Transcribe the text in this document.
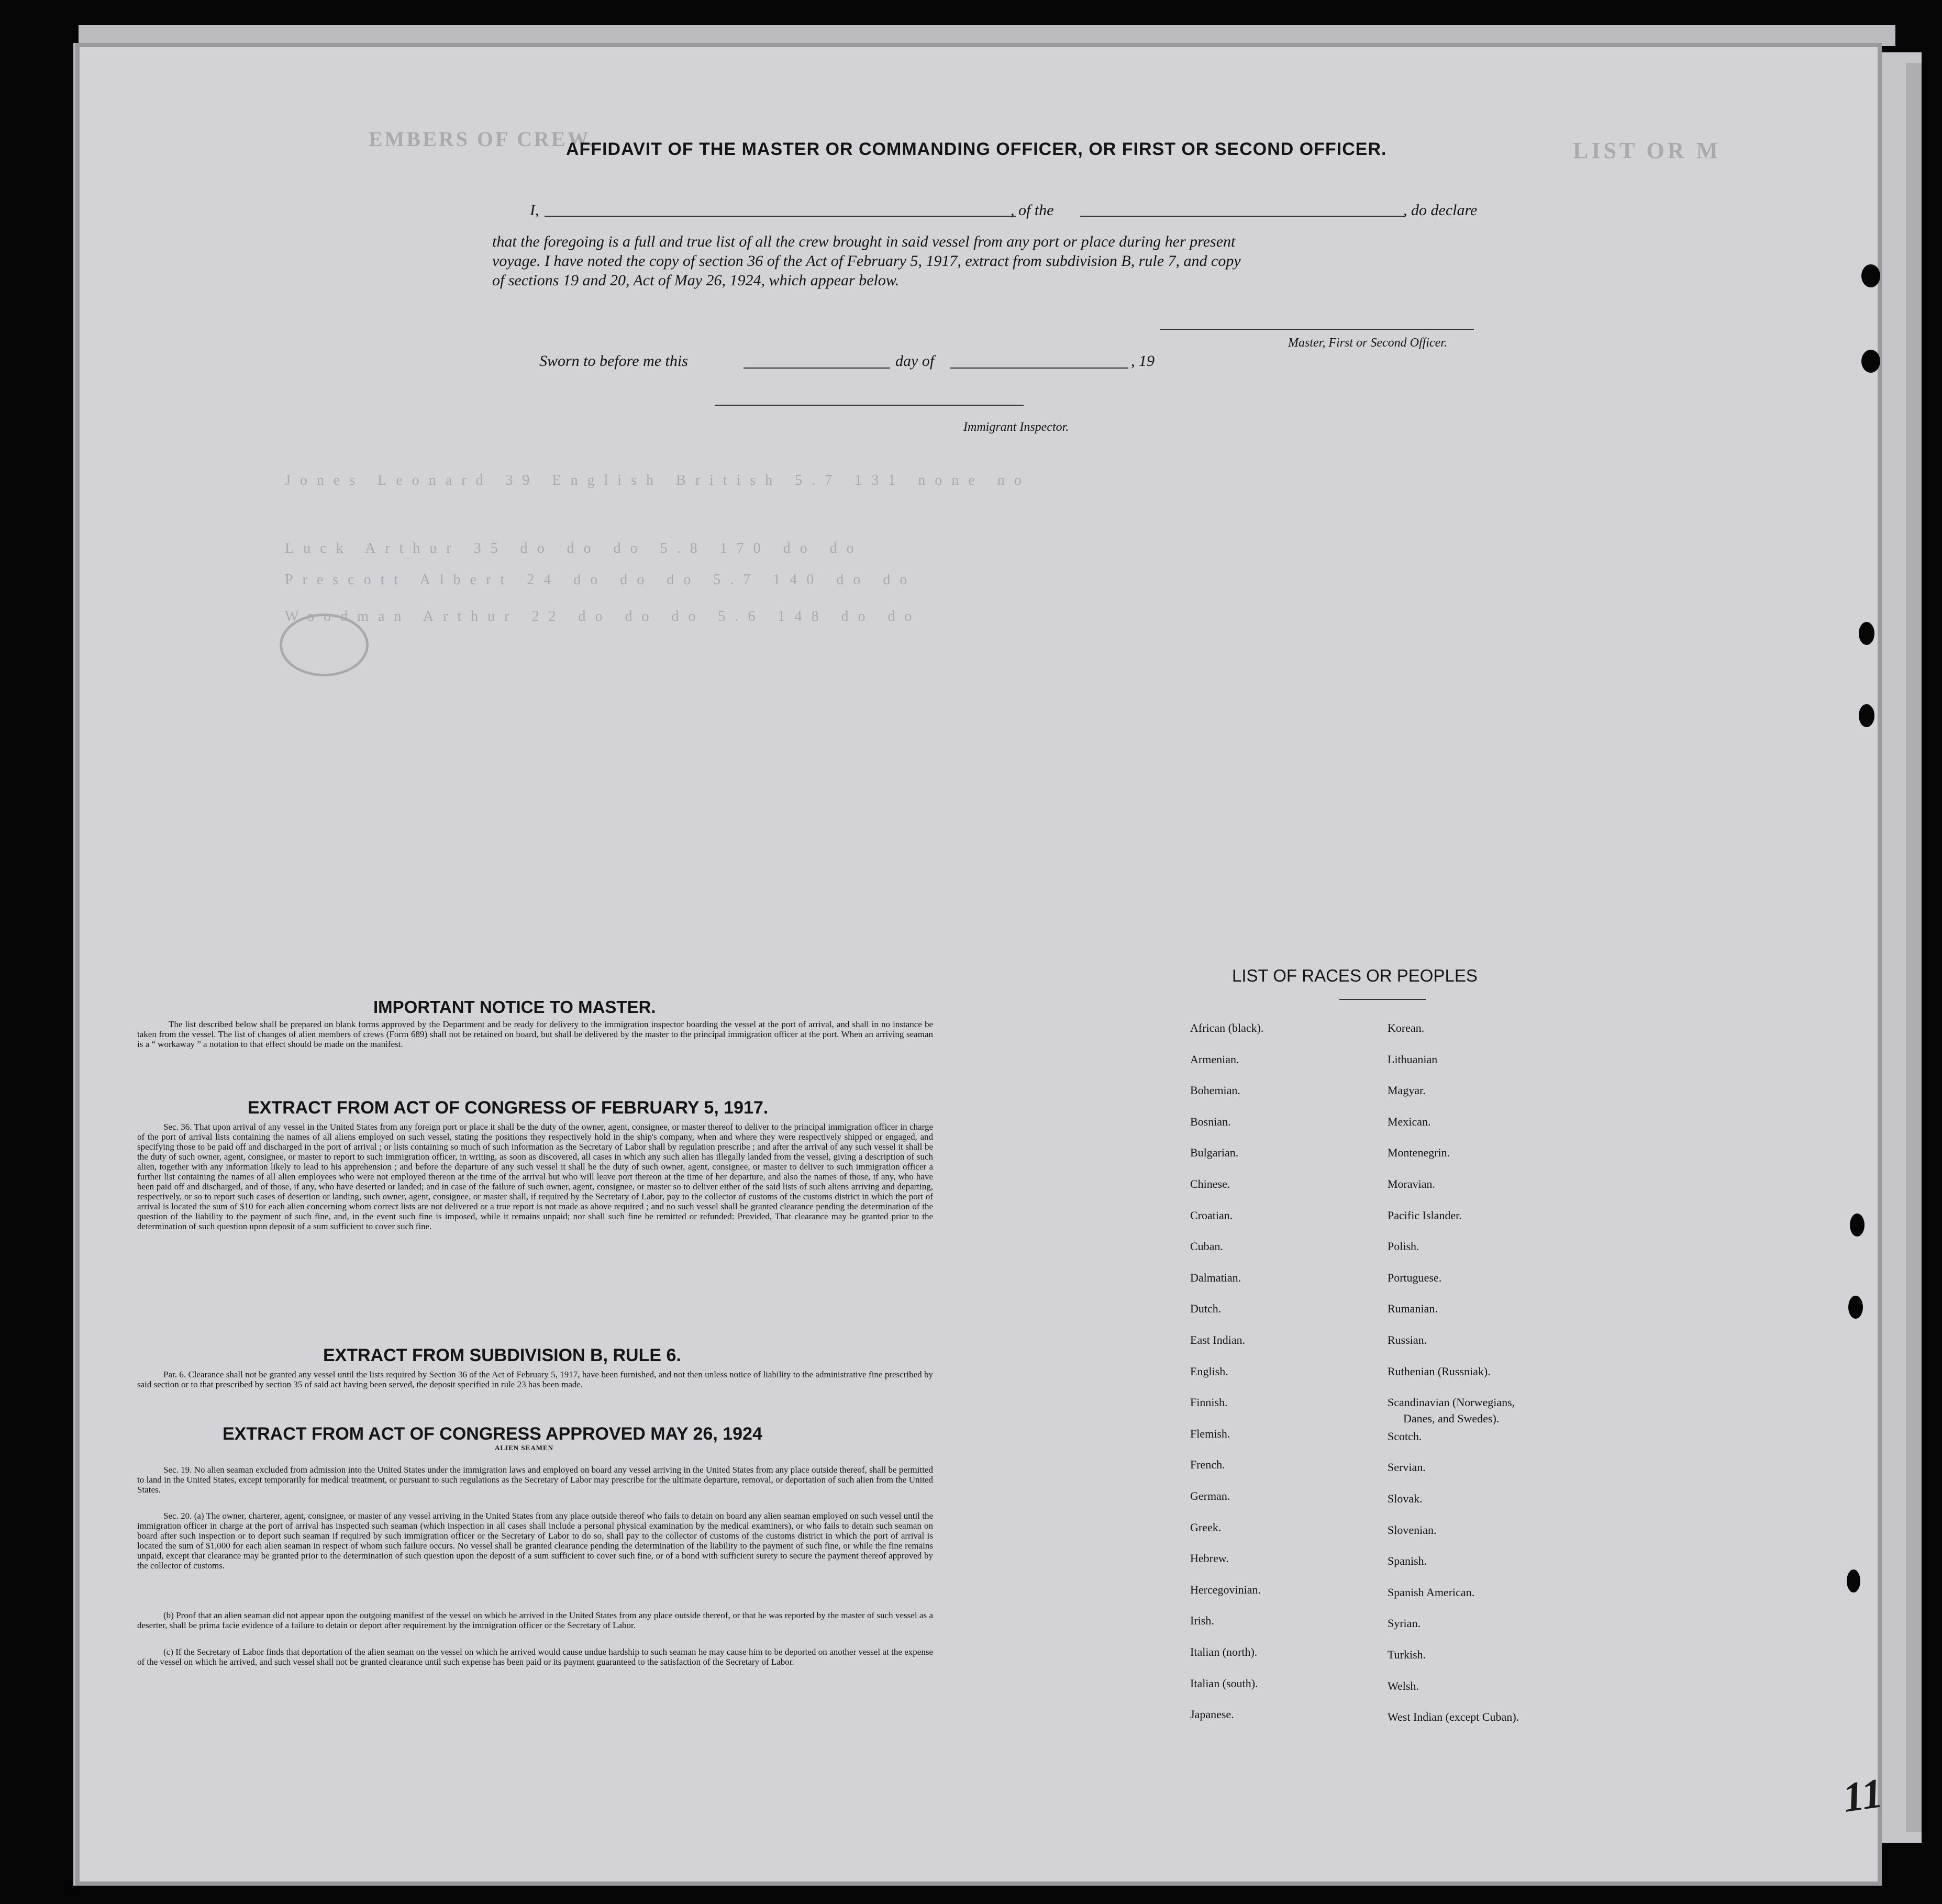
LIST OR M
EMBERS OF CREW.
Jones Leonard 39 English British 5.7 131 none no
Luck Arthur 35 do do do 5.8 170 do do
Prescott Albert 24 do do do 5.7 140 do do
Woodman Arthur 22 do do do 5.6 148 do do
AFFIDAVIT OF THE MASTER OR COMMANDING OFFICER, OR FIRST OR SECOND OFFICER.
I,	, of the	, do declare
that the foregoing is a full and true list of all the crew brought in said vessel from any port or place during her present
voyage. I have noted the copy of section 36 of the Act of February 5, 1917, extract from subdivision B, rule 7, and copy
of sections 19 and 20, Act of May 26, 1924, which appear below.
Master, First or Second Officer.
Sworn to before me this	day of	, 19
Immigrant Inspector.
IMPORTANT NOTICE TO MASTER.
The list described below shall be prepared on blank forms approved by the Department and be ready for delivery to the immigration inspector boarding the vessel at the port of arrival, and shall in no instance be taken from the vessel. The list of changes of alien members of crews (Form 689) shall not be retained on board, but shall be delivered by the master to the principal immigration officer at the port. When an arriving seaman is a “ workaway ” a notation to that effect should be made on the manifest.
EXTRACT FROM ACT OF CONGRESS OF FEBRUARY 5, 1917.
Sec. 36. That upon arrival of any vessel in the United States from any foreign port or place it shall be the duty of the owner, agent, consignee, or master thereof to deliver to the principal immigration officer in charge of the port of arrival lists containing the names of all aliens employed on such vessel, stating the positions they respectively hold in the ship's company, when and where they were respectively shipped or engaged, and specifying those to be paid off and discharged in the port of arrival ; or lists containing so much of such information as the Secretary of Labor shall by regulation prescribe ; and after the arrival of any such vessel it shall be the duty of such owner, agent, consignee, or master to report to such immigration officer, in writing, as soon as discovered, all cases in which any such alien has illegally landed from the vessel, giving a description of such alien, together with any information likely to lead to his apprehension ; and before the departure of any such vessel it shall be the duty of such owner, agent, consignee, or master to deliver to such immigration officer a further list containing the names of all alien employees who were not employed thereon at the time of the arrival but who will leave port thereon at the time of her departure, and also the names of those, if any, who have been paid off and discharged, and of those, if any, who have deserted or landed; and in case of the failure of such owner, agent, consignee, or master so to deliver either of the said lists of such aliens arriving and departing, respectively, or so to report such cases of desertion or landing, such owner, agent, consignee, or master shall, if required by the Secretary of Labor, pay to the collector of customs of the customs district in which the port of arrival is located the sum of $10 for each alien concerning whom correct lists are not delivered or a true report is not made as above required ; and no such vessel shall be granted clearance pending the determination of the question of the liability to the payment of such fine, and, in the event such fine is imposed, while it remains unpaid; nor shall such fine be remitted or refunded: Provided, That clearance may be granted prior to the determination of such question upon deposit of a sum sufficient to cover such fine.
EXTRACT FROM SUBDIVISION B, RULE 6.
Par. 6. Clearance shall not be granted any vessel until the lists required by Section 36 of the Act of February 5, 1917, have been furnished, and not then unless notice of liability to the administrative fine prescribed by said section or to that prescribed by section 35 of said act having been served, the deposit specified in rule 23 has been made.
EXTRACT FROM ACT OF CONGRESS APPROVED MAY 26, 1924
ALIEN SEAMEN
Sec. 19. No alien seaman excluded from admission into the United States under the immigration laws and employed on board any vessel arriving in the United States from any place outside thereof, shall be permitted to land in the United States, except temporarily for medical treatment, or pursuant to such regulations as the Secretary of Labor may prescribe for the ultimate departure, removal, or deportation of such alien from the United States.
Sec. 20. (a) The owner, charterer, agent, consignee, or master of any vessel arriving in the United States from any place outside thereof who fails to detain on board any alien seaman employed on such vessel until the immigration officer in charge at the port of arrival has inspected such seaman (which inspection in all cases shall include a personal physical examination by the medical examiners), or who fails to detain such seaman on board after such inspection or to deport such seaman if required by such immigration officer or the Secretary of Labor to do so, shall pay to the collector of customs of the customs district in which the port of arrival is located the sum of $1,000 for each alien seaman in respect of whom such failure occurs. No vessel shall be granted clearance pending the determination of the liability to the payment of such fine, or while the fine remains unpaid, except that clearance may be granted prior to the determination of such question upon the deposit of a sum sufficient to cover such fine, or of a bond with sufficient surety to secure the payment thereof approved by the collector of customs.
(b) Proof that an alien seaman did not appear upon the outgoing manifest of the vessel on which he arrived in the United States from any place outside thereof, or that he was reported by the master of such vessel as a deserter, shall be prima facie evidence of a failure to detain or deport after requirement by the immigration officer or the Secretary of Labor.
(c) If the Secretary of Labor finds that deportation of the alien seaman on the vessel on which he arrived would cause undue hardship to such seaman he may cause him to be deported on another vessel at the expense of the vessel on which he arrived, and such vessel shall not be granted clearance until such expense has been paid or its payment guaranteed to the satisfaction of the Secretary of Labor.
LIST OF RACES OR PEOPLES
African (black).
Armenian.
Bohemian.
Bosnian.
Bulgarian.
Chinese.
Croatian.
Cuban.
Dalmatian.
Dutch.
East Indian.
English.
Finnish.
Flemish.
French.
German.
Greek.
Hebrew.
Hercegovinian.
Irish.
Italian (north).
Italian (south).
Japanese.
Korean.
Lithuanian
Magyar.
Mexican.
Montenegrin.
Moravian.
Pacific Islander.
Polish.
Portuguese.
Rumanian.
Russian.
Ruthenian (Russniak).
Scandinavian (Norwegians,
Scotch.
Servian.
Slovak.
Slovenian.
Spanish.
Spanish American.
Syrian.
Turkish.
Welsh.
West Indian (except Cuban).
Danes, and Swedes).
11
